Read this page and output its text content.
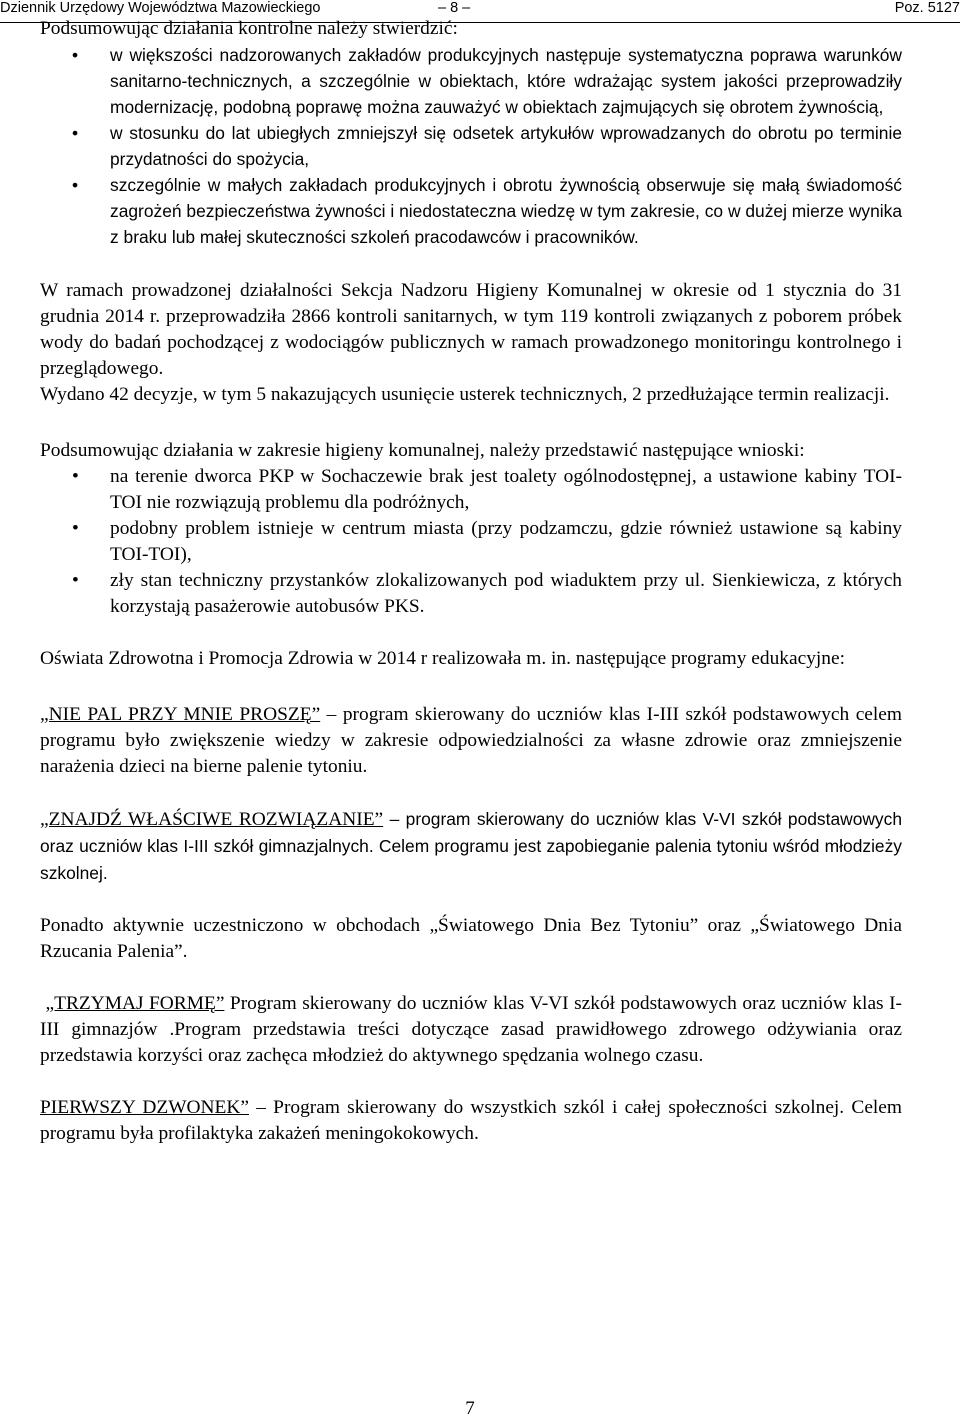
Dziennik Urzędowy Województwa Mazowieckiego	– 8 –	Poz. 5127

Podsumowując działania kontrolne należy stwierdzić:

• w większości nadzorowanych zakładów produkcyjnych następuje systematyczna poprawa warunków sanitarno-technicznych, a szczególnie w obiektach, które wdrażając system jakości przeprowadziły modernizację, podobną poprawę można zauważyć w obiektach zajmujących się obrotem żywnością,
• w stosunku do lat ubiegłych zmniejszył się odsetek artykułów wprowadzanych do obrotu po terminie przydatności do spożycia,
• szczególnie w małych zakładach produkcyjnych i obrotu żywnością obserwuje się małą świadomość zagrożeń bezpieczeństwa żywności i niedostateczna wiedzę w tym zakresie, co w dużej mierze wynika z braku lub małej skuteczności szkoleń pracodawców i pracowników.

W ramach prowadzonej działalności Sekcja Nadzoru Higieny Komunalnej w okresie od 1 stycznia do 31 grudnia 2014 r. przeprowadziła 2866 kontroli sanitarnych, w tym 119 kontroli związanych z poborem próbek wody do badań pochodzącej z wodociągów publicznych w ramach prowadzonego monitoringu kontrolnego i przeglądowego.

Wydano 42 decyzje, w tym 5 nakazujących usunięcie usterek technicznych, 2 przedłużające termin realizacji.

Podsumowując działania w zakresie higieny komunalnej, należy przedstawić następujące wnioski:

• na terenie dworca PKP w Sochaczewie brak jest toalety ogólnodostępnej, a ustawione kabiny TOI-TOI nie rozwiązują problemu dla podróżnych,
• podobny problem istnieje w centrum miasta (przy podzamczu, gdzie również ustawione są kabiny TOI-TOI),
• zły stan techniczny przystanków zlokalizowanych pod wiaduktem przy ul. Sienkiewicza, z których korzystają pasażerowie autobusów PKS.

Oświata Zdrowotna i Promocja Zdrowia w 2014 r realizowała m. in. następujące programy edukacyjne:

„NIE PAL PRZY MNIE PROSZĘ” – program skierowany do uczniów klas I-III szkół podstawowych celem programu było zwiększenie wiedzy w zakresie odpowiedzialności za własne zdrowie oraz zmniejszenie narażenia dzieci na bierne palenie tytoniu.

„ZNAJDŹ WŁAŚCIWE ROZWIĄZANIE” – program skierowany do uczniów klas V-VI szkół podstawowych oraz uczniów klas I-III szkół gimnazjalnych. Celem programu jest zapobieganie palenia tytoniu wśród młodzieży szkolnej.

Ponadto aktywnie uczestniczono w obchodach „Światowego Dnia Bez Tytoniu” oraz „Światowego Dnia Rzucania Palenia”.

„TRZYMAJ FORMĘ” Program skierowany do uczniów klas V-VI szkół podstawowych oraz uczniów klas I-III gimnazjów .Program przedstawia treści dotyczące zasad prawidłowego zdrowego odżywiania oraz przedstawia korzyści oraz zachęca młodzież do aktywnego spędzania wolnego czasu.

PIERWSZY DZWONEK” – Program skierowany do wszystkich szkól i całej społeczności szkolnej. Celem programu była profilaktyka zakażeń meningokokowych.

7
